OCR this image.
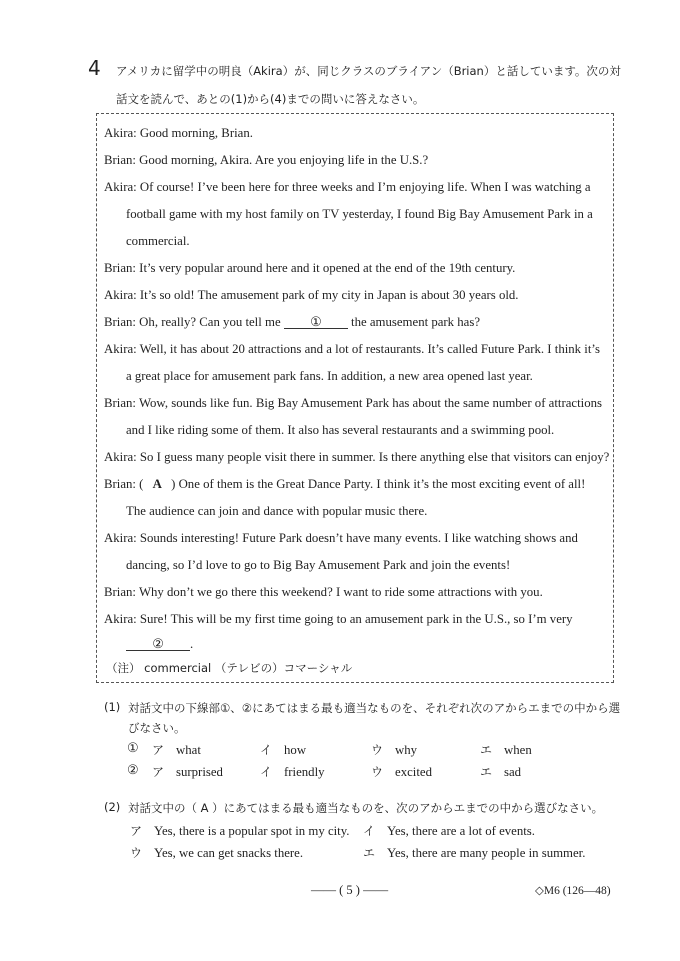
4 アメリカに留学中の明良（Akira）が、同じクラスのブライアン（Brian）と話しています。次の対
話文を読んで、あとの(1)から(4)までの問いに答えなさい。
Akira: Good morning, Brian.
Brian: Good morning, Akira. Are you enjoying life in the U.S.?
Akira: Of course! I’ve been here for three weeks and I’m enjoying life. When I was watching a
football game with my host family on TV yesterday, I found Big Bay Amusement Park in a
commercial.
Brian: It’s very popular around here and it opened at the end of the 19th century.
Akira: It’s so old! The amusement park of my city in Japan is about 30 years old.
Brian: Oh, really? Can you tell me ① the amusement park has?
Akira: Well, it has about 20 attractions and a lot of restaurants. It’s called Future Park. I think it’s
a great place for amusement park fans. In addition, a new area opened last year.
Brian: Wow, sounds like fun. Big Bay Amusement Park has about the same number of attractions
and I like riding some of them. It also has several restaurants and a swimming pool.
Akira: So I guess many people visit there in summer. Is there anything else that visitors can enjoy?
Brian: ( A ) One of them is the Great Dance Party. I think it’s the most exciting event of all!
The audience can join and dance with popular music there.
Akira: Sounds interesting! Future Park doesn’t have many events. I like watching shows and
dancing, so I’d love to go to Big Bay Amusement Park and join the events!
Brian: Why don’t we go there this weekend? I want to ride some attractions with you.
Akira: Sure! This will be my first time going to an amusement park in the U.S., so I’m very
② .
（注） commercial （テレビの）コマーシャル
(1) 対話文中の下線部①、②にあてはまる最も適当なものを、それぞれ次のアからエまでの中から選
びなさい。
① ア what	イ how	ウ why	エ when
② ア surprised	イ friendly	ウ excited	エ sad
(2) 対話文中の（ A ）にあてはまる最も適当なものを、次のアからエまでの中から選びなさい。
ア Yes, there is a popular spot in my city. イ Yes, there are a lot of events.
ウ Yes, we can get snacks there.	エ Yes, there are many people in summer.
—— ( 5 ) ——	◇M6 (126—48)
